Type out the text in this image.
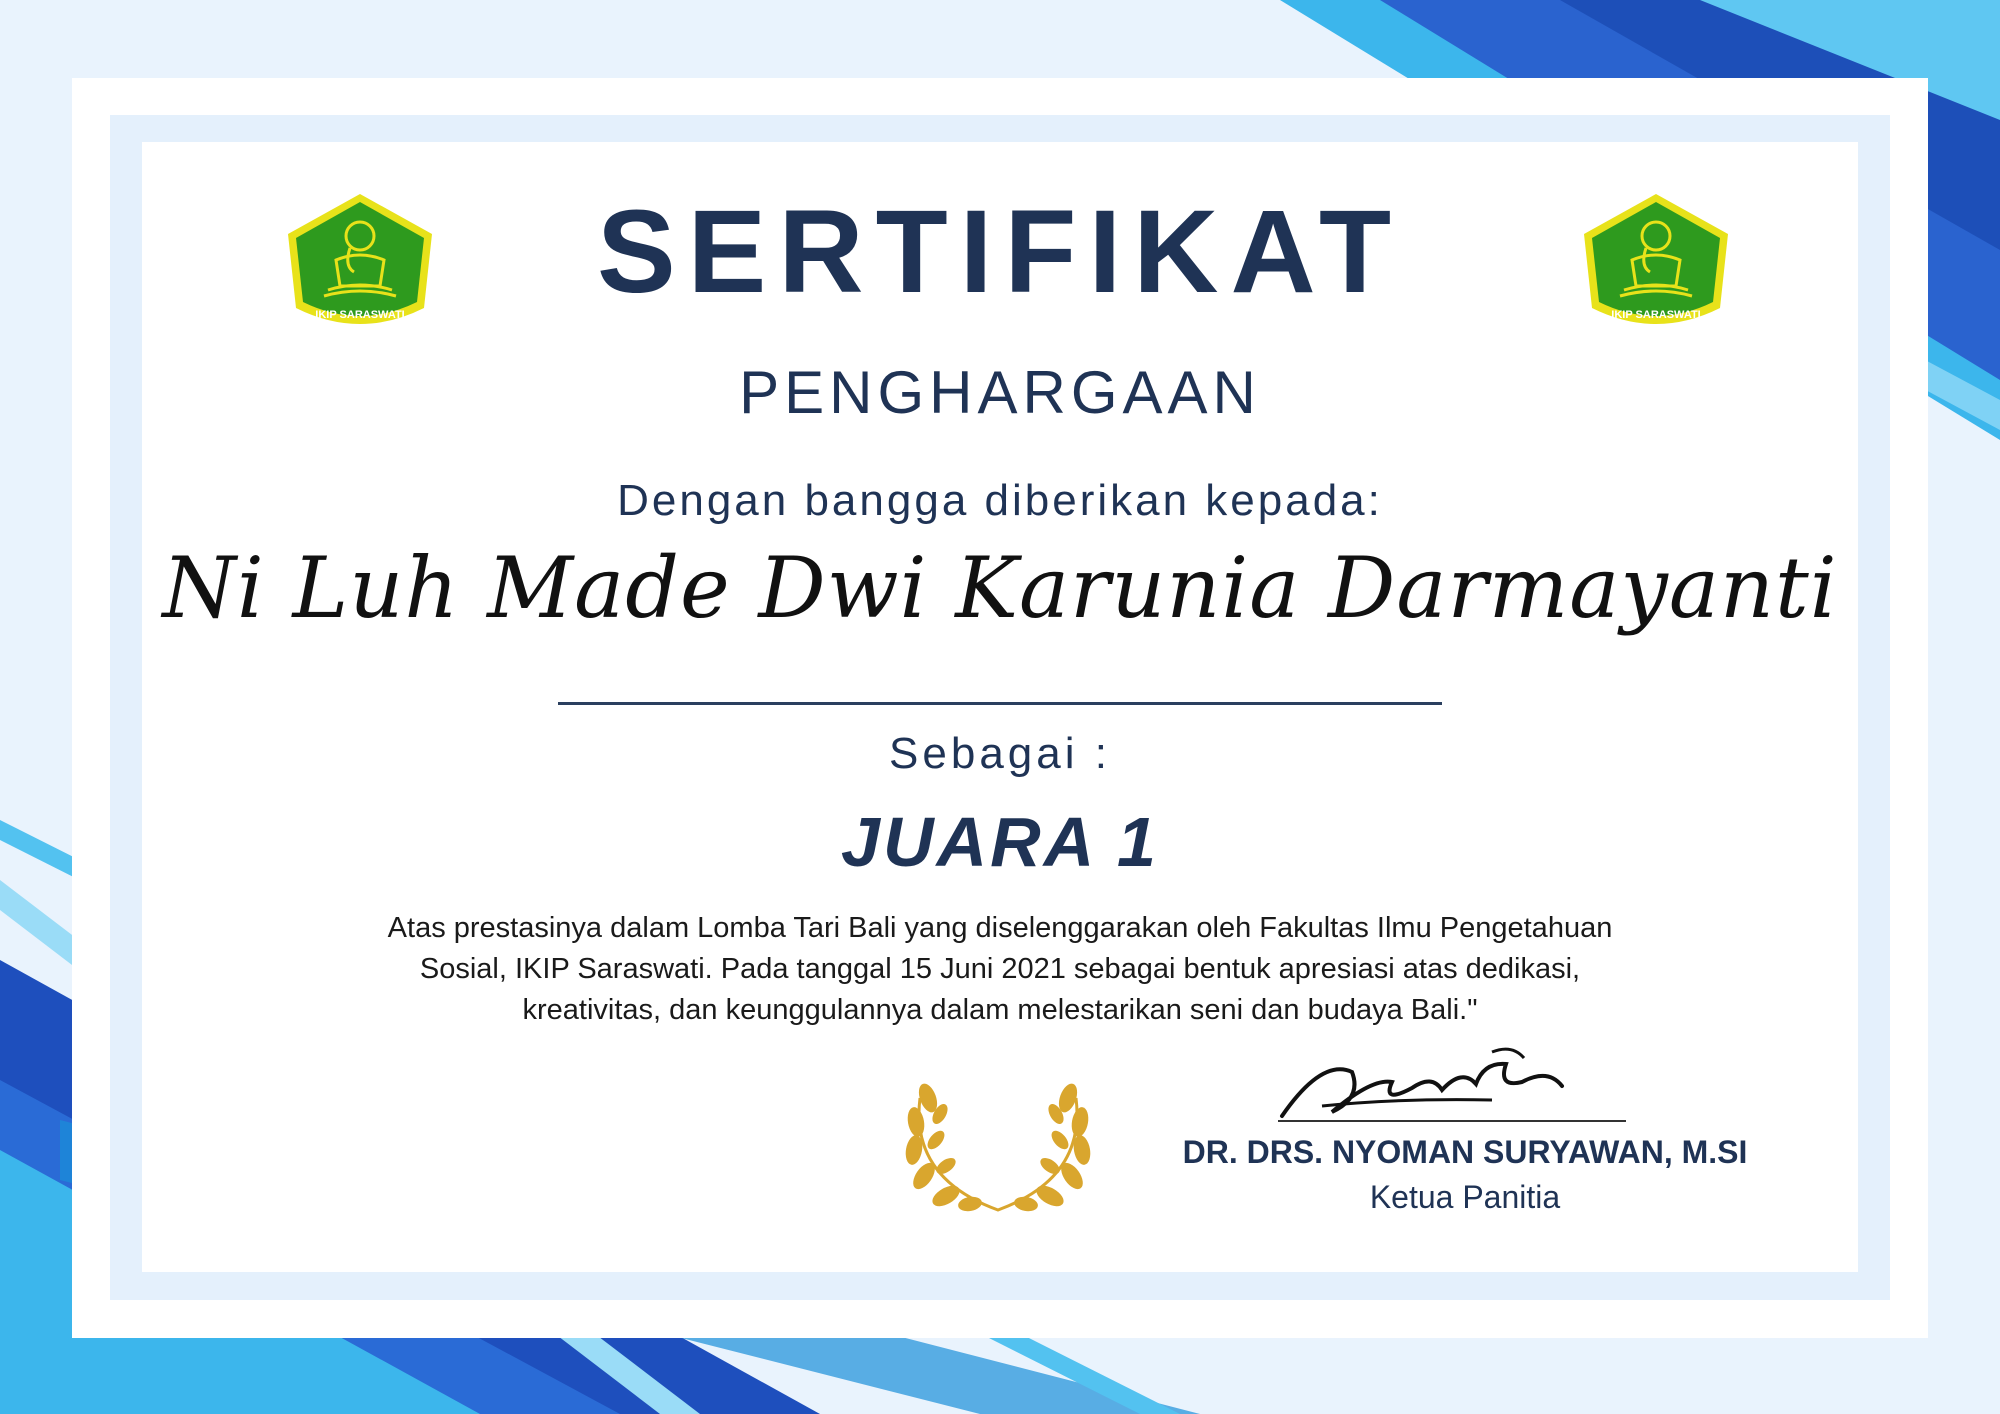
IKIP SARASWATI	IKIP SARASWATI
SERTIFIKAT
PENGHARGAAN
Dengan bangga diberikan kepada:
Ni Luh Made Dwi Karunia Darmayanti
Sebagai :
JUARA 1
Atas prestasinya dalam Lomba Tari Bali yang diselenggarakan oleh Fakultas Ilmu Pengetahuan Sosial, IKIP Saraswati. Pada tanggal 15 Juni 2021 sebagai bentuk apresiasi atas dedikasi, kreativitas, dan keunggulannya dalam melestarikan seni dan budaya Bali."
DR. DRS. NYOMAN SURYAWAN, M.SI
Ketua Panitia
